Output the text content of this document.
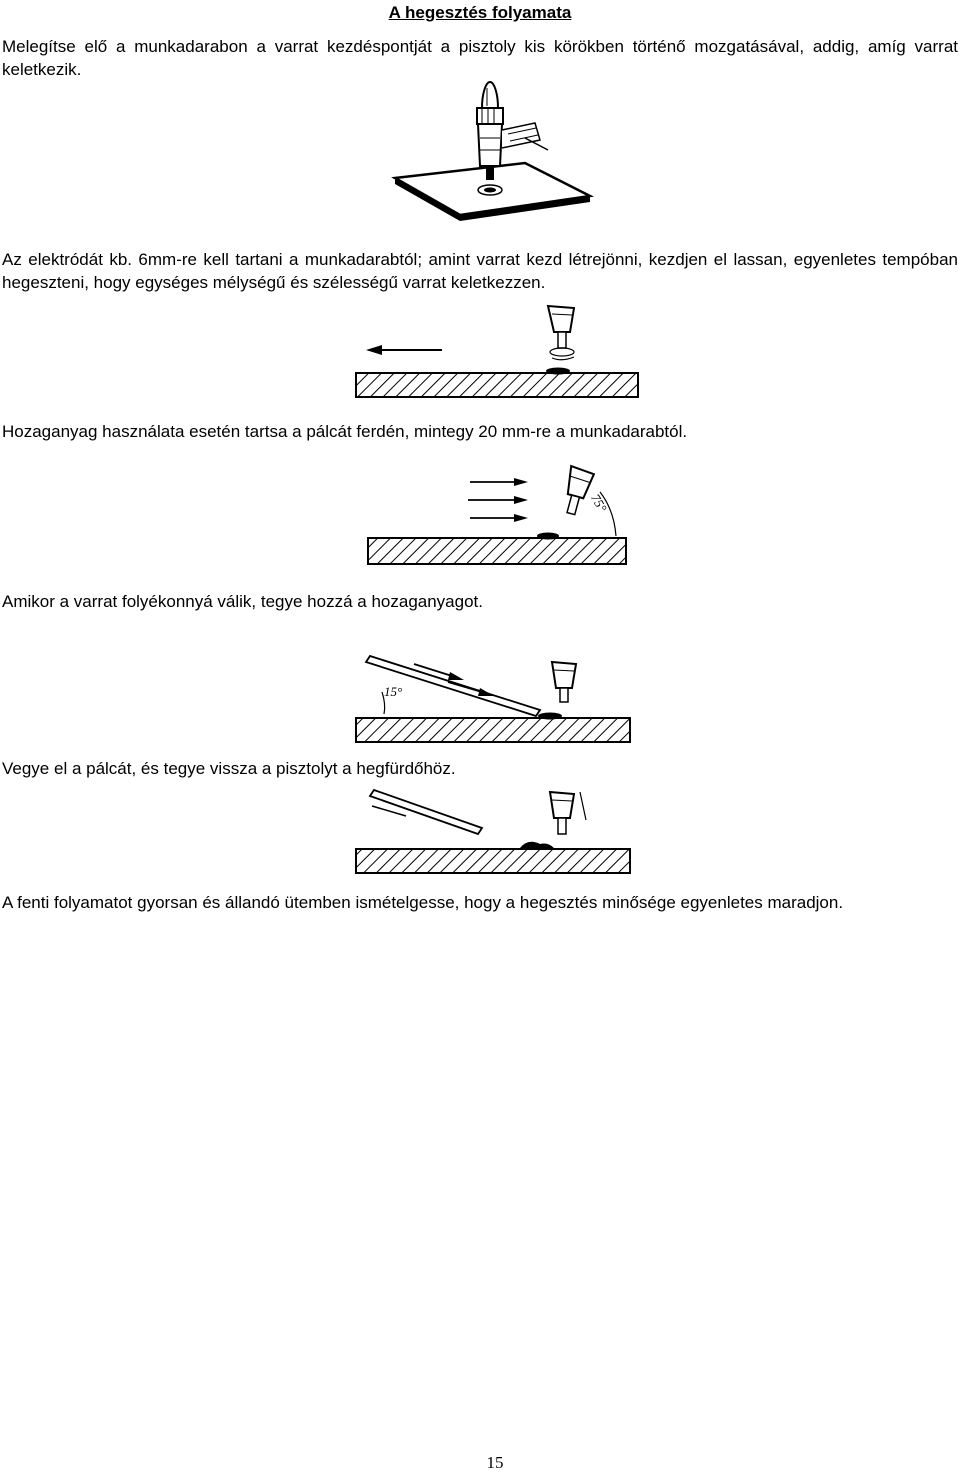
A hegesztés folyamata

Melegítse elő a munkadarabon a varrat kezdéspontját a pisztoly kis körökben történő mozgatásával, addig, amíg varrat keletkezik.

Az elektródát kb. 6mm-re kell tartani a munkadarabtól; amint varrat kezd létrejönni, kezdjen el lassan, egyenletes tempóban hegeszteni, hogy egységes mélységű és szélességű varrat keletkezzen.

Hozaganyag használata esetén tartsa a pálcát ferdén, mintegy 20 mm-re a munkadarabtól.

75°

Amikor a varrat folyékonnyá válik, tegye hozzá a hozaganyagot.

15°

Vegye el a pálcát, és tegye vissza a pisztolyt a hegfürdőhöz.

A fenti folyamatot gyorsan és állandó ütemben ismételgesse, hogy a hegesztés minősége egyenletes maradjon.

15
